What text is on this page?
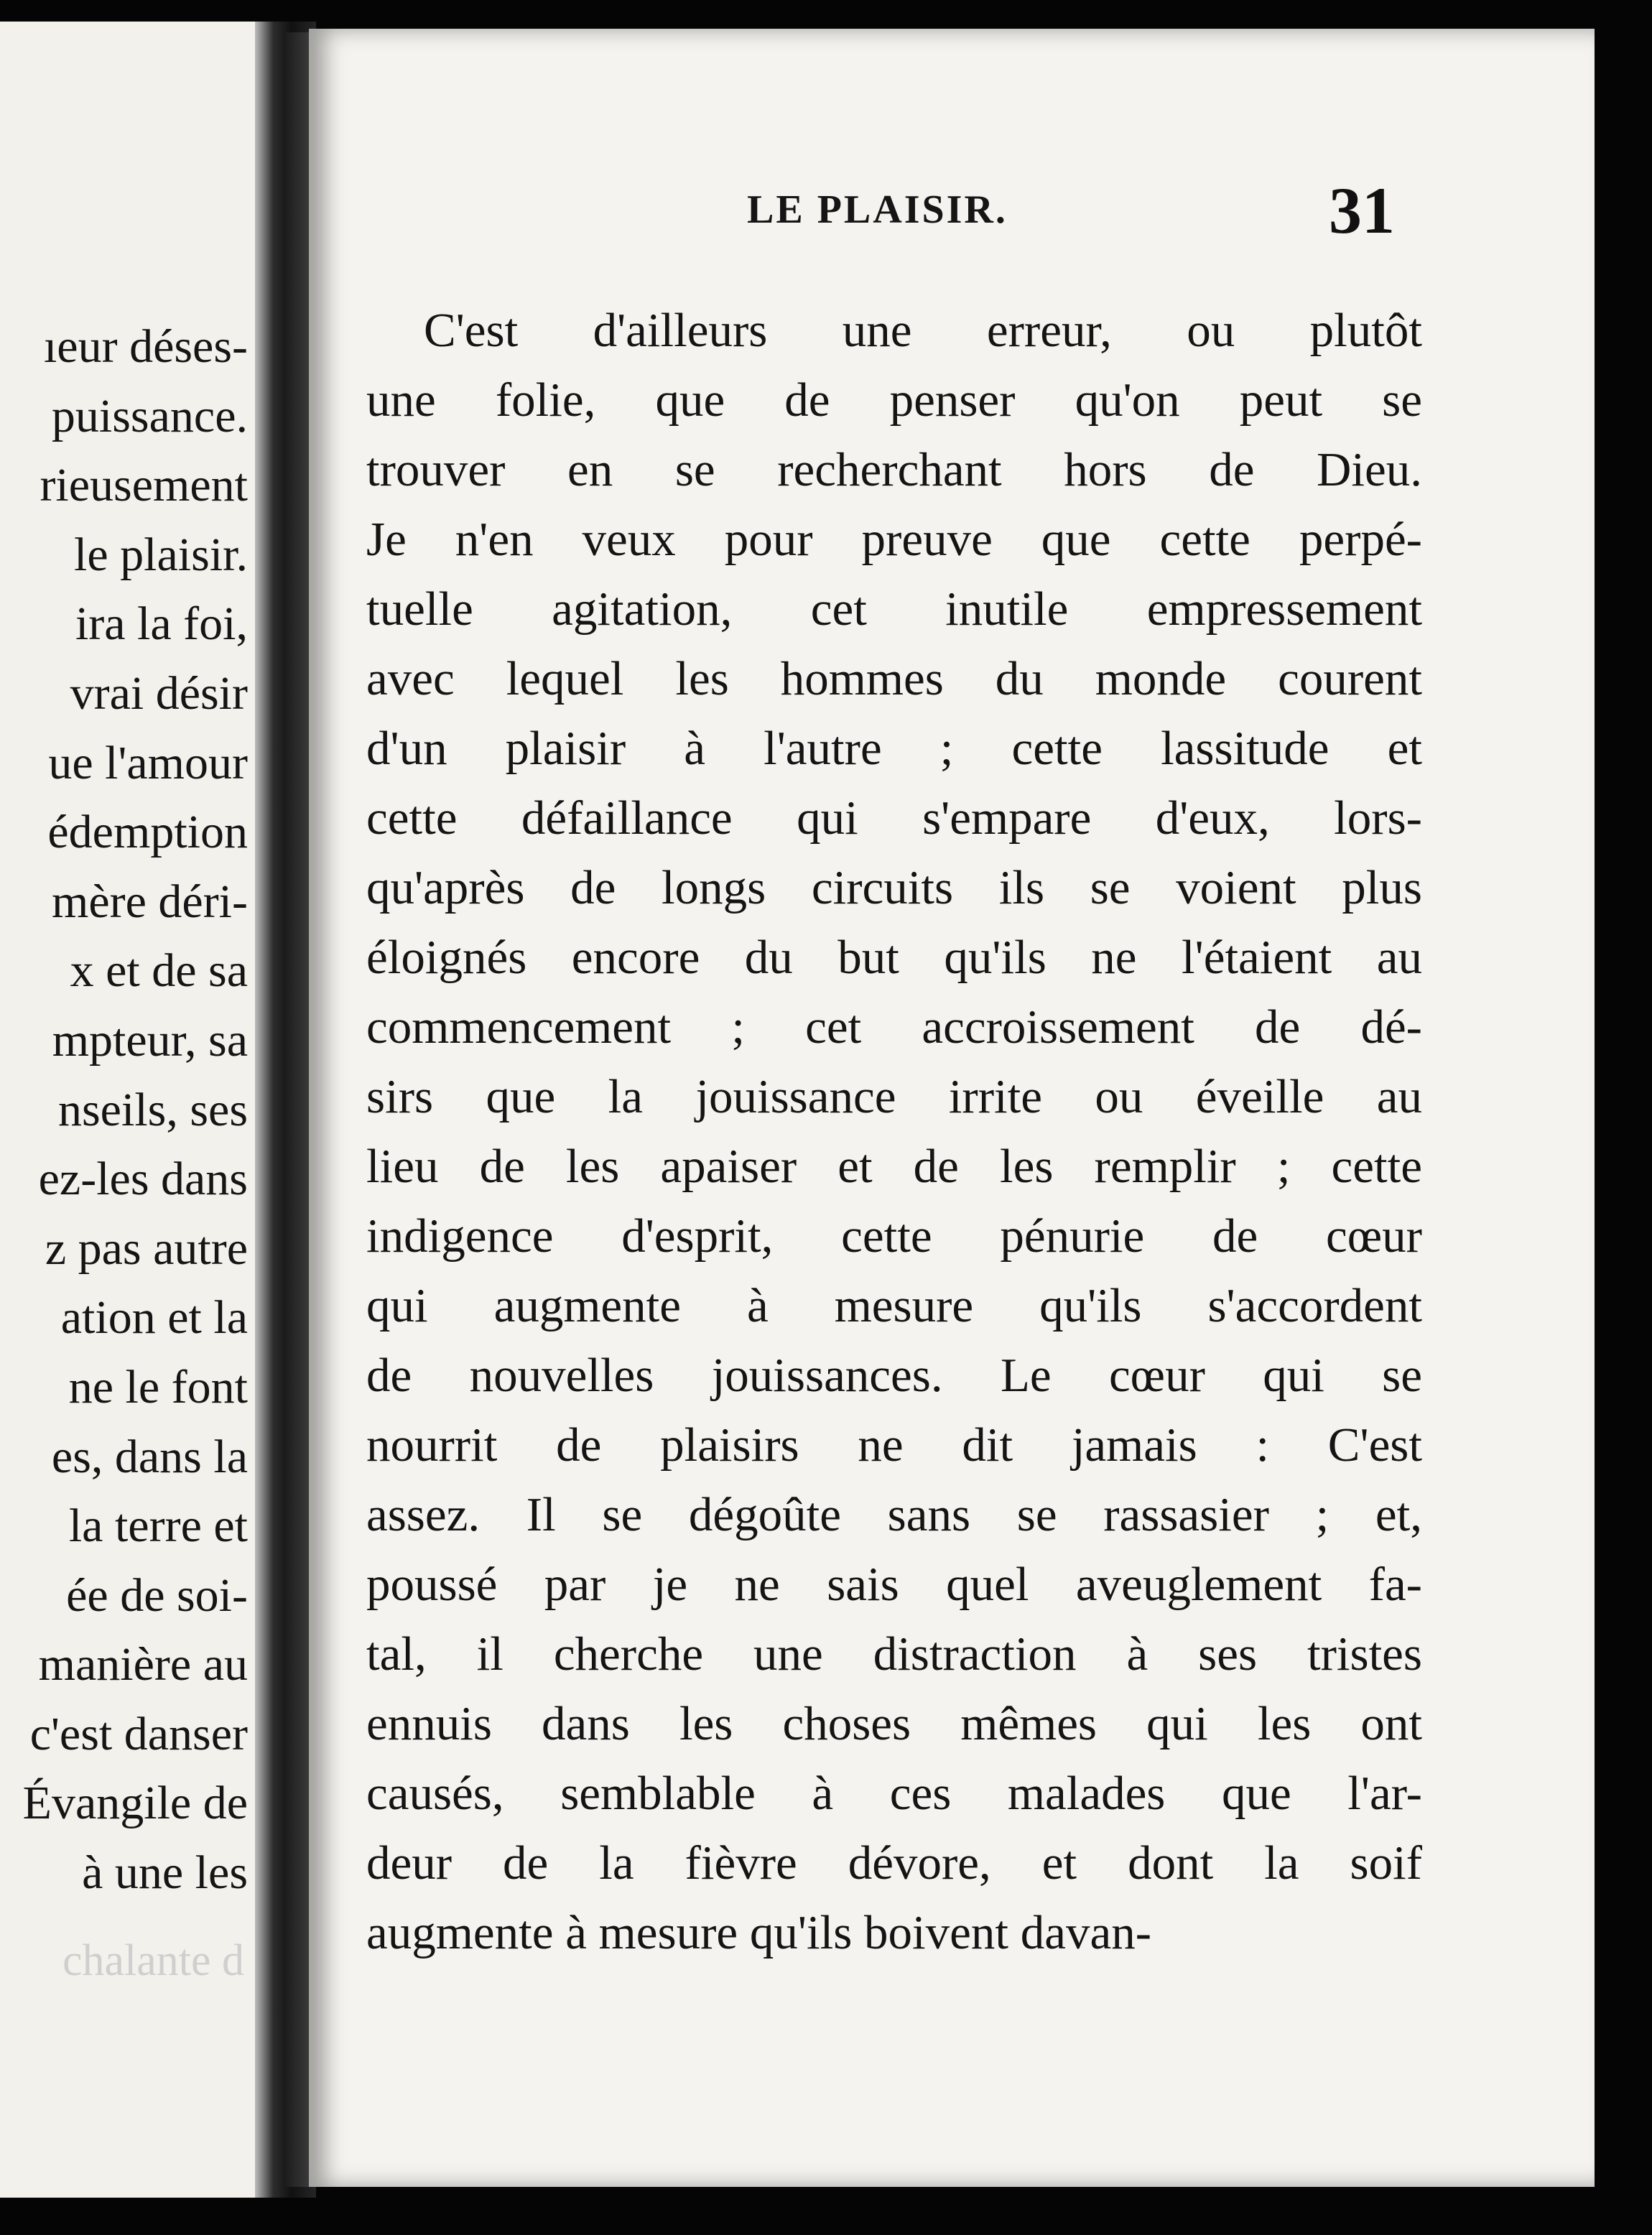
ıeur déses-
puissance.
rieusement
le plaisir.
ira la foi,
vrai désir
ue l'amour
édemption
mère déri-
x et de sa
mpteur, sa
nseils, ses
ez-les dans
z pas autre
ation et la
ne le font
es, dans la
la terre et
ée de soi-
manière au
c'est danser
Évangile de
à une les
chalante d
LE PLAISIR.	31
C'est d'ailleurs une erreur, ou plutôt
une folie, que de penser qu'on peut se
trouver en se recherchant hors de Dieu.
Je n'en veux pour preuve que cette perpé-
tuelle agitation, cet inutile empressement
avec lequel les hommes du monde courent
d'un plaisir à l'autre ; cette lassitude et
cette défaillance qui s'empare d'eux, lors-
qu'après de longs circuits ils se voient plus
éloignés encore du but qu'ils ne l'étaient au
commencement ; cet accroissement de dé-
sirs que la jouissance irrite ou éveille au
lieu de les apaiser et de les remplir ; cette
indigence d'esprit, cette pénurie de cœur
qui augmente à mesure qu'ils s'accordent
de nouvelles jouissances. Le cœur qui se
nourrit de plaisirs ne dit jamais : C'est
assez. Il se dégoûte sans se rassasier ; et,
poussé par je ne sais quel aveuglement fa-
tal, il cherche une distraction à ses tristes
ennuis dans les choses mêmes qui les ont
causés, semblable à ces malades que l'ar-
deur de la fièvre dévore, et dont la soif
augmente à mesure qu'ils boivent davan-
